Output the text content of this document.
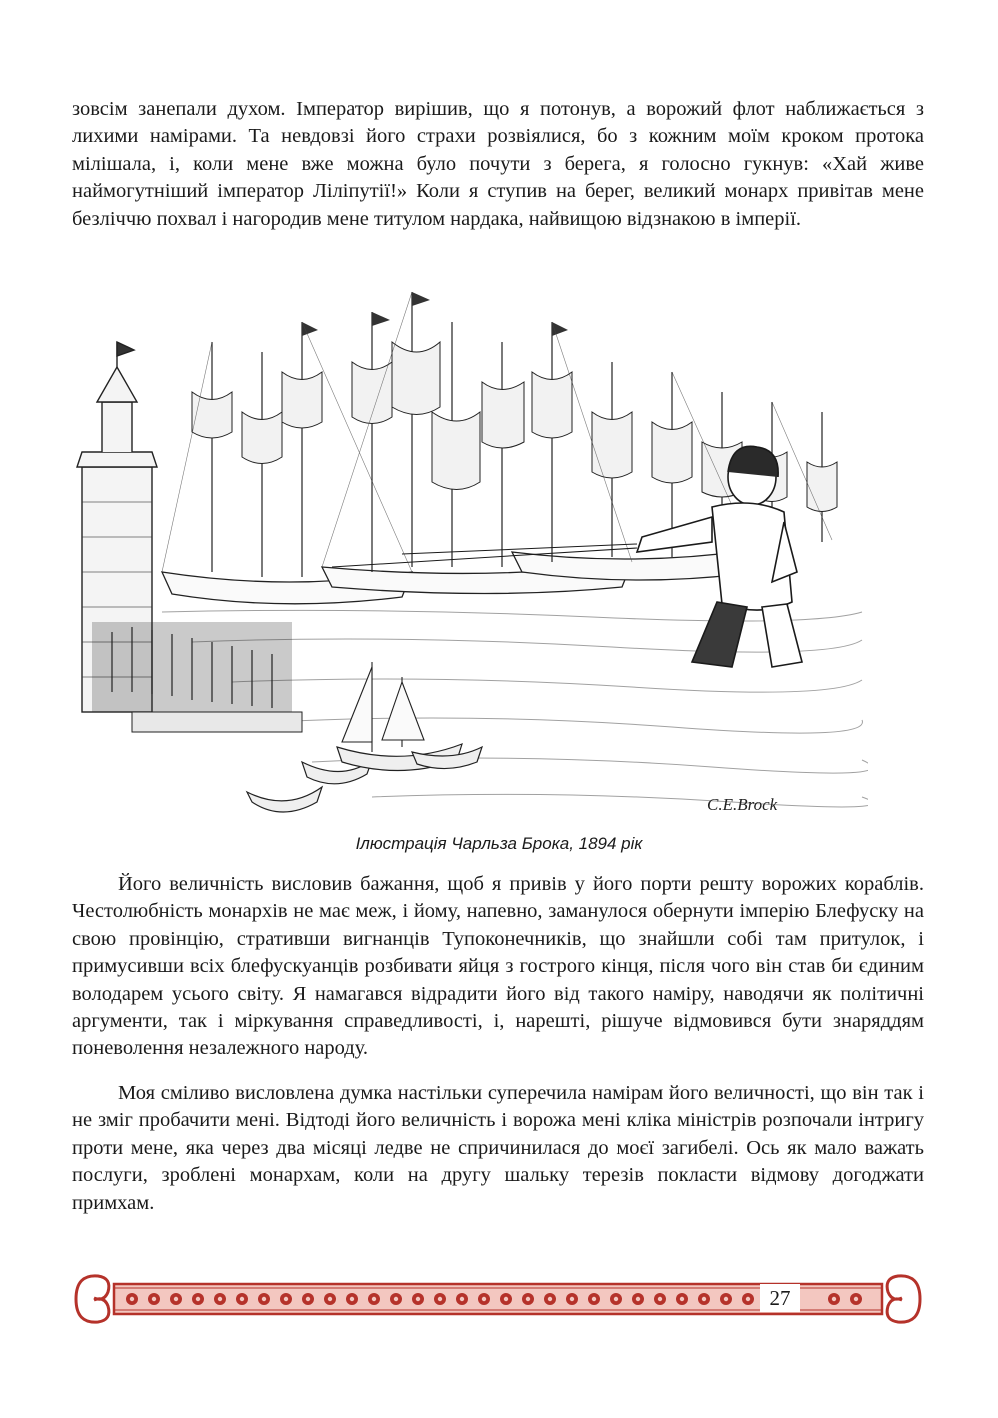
зовсім занепали духом. Імператор вирішив, що я потонув, а ворожий флот наближається з лихими намірами. Та невдовзі його страхи розвіялися, бо з кожним моїм кроком протока мілішала, і, коли мене вже можна було почути з берега, я голосно гукнув: «Хай живе наймогутніший імператор Ліліпутії!» Коли я ступив на берег, великий монарх привітав мене безліччю похвал і нагородив мене титулом нардака, найвищою відзнакою в імперії.

C.E.Brock
Ілюстрація Чарльза Брока, 1894 рік

Його величність висловив бажання, щоб я привів у його порти решту ворожих кораблів. Честолюбність монархів не має меж, і йому, напевно, заманулося обернути імперію Блефуску на свою провінцію, стративши вигнанців Тупоконечників, що знайшли собі там притулок, і примусивши всіх блефускуанців розбивати яйця з гострого кінця, після чого він став би єдиним володарем усього світу. Я намагався відрадити його від такого наміру, наводячи як політичні аргументи, так і міркування справедливості, і, нарешті, рішуче відмовився бути знаряддям поневолення незалежного народу.

Моя сміливо висловлена думка настільки суперечила намірам його величності, що він так і не зміг пробачити мені. Відтоді його величність і ворожа мені кліка міністрів розпочали інтригу проти мене, яка через два місяці ледве не спричинилася до моєї загибелі. Ось як мало важать послуги, зроблені монархам, коли на другу шальку терезів покласти відмову догоджати примхам.

27
